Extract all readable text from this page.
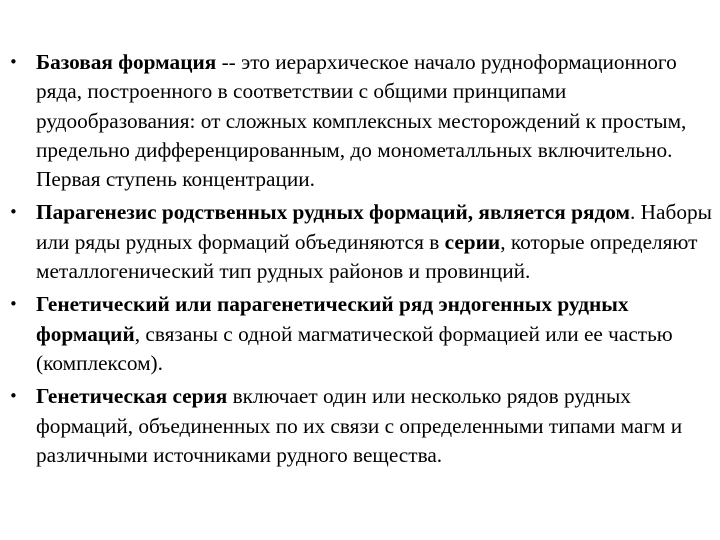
• Базовая формация -- это иерархическое начало рудноформационного ряда, построенного в соответствии с общими принципами рудообразования: от сложных комплексных месторождений к простым, предельно дифференцированным, до монометалльных включительно. Первая ступень концентрации.
• Парагенезис родственных рудных формаций, является рядом. Наборы или ряды рудных формаций объединяются в серии, которые определяют металлогенический тип рудных районов и провинций.
• Генетический или парагенетический ряд эндогенных рудных формаций, связаны с одной магматической формацией или ее частью (комплексом).
• Генетическая серия включает один или несколько рядов рудных формаций, объединенных по их связи с определенными типами магм и различными источниками рудного вещества.
